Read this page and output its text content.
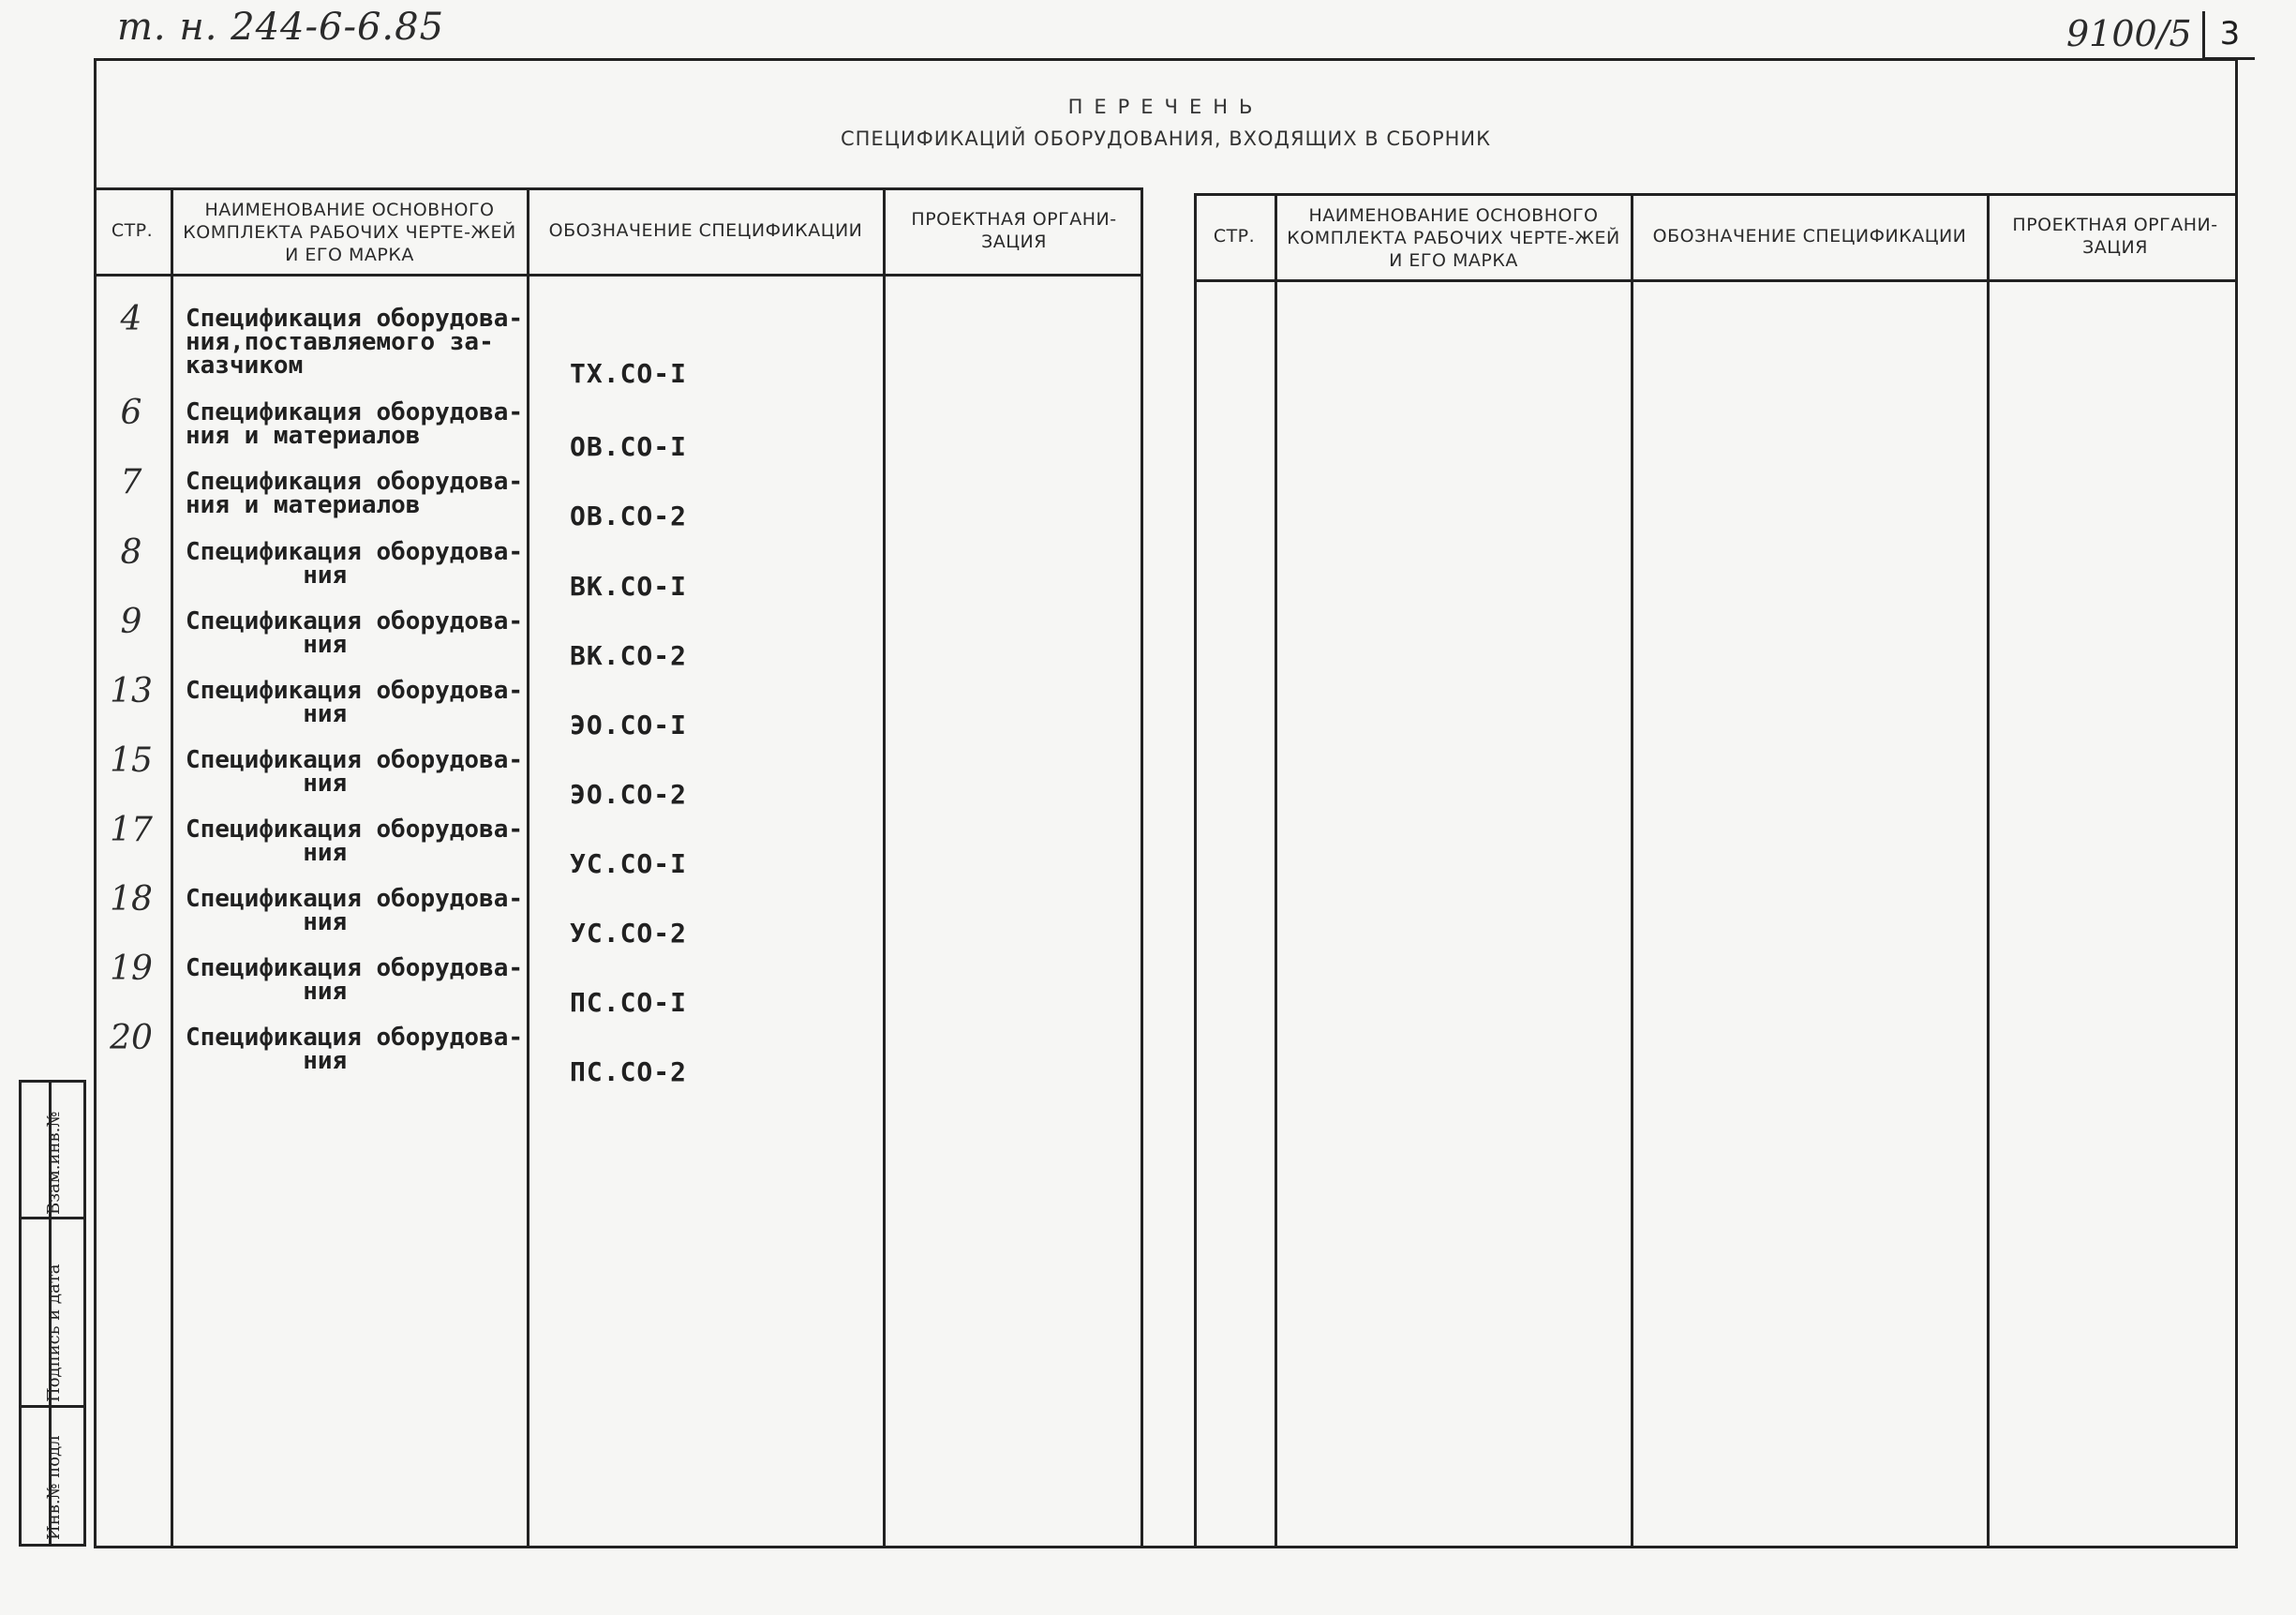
т. н. 244-6-6.85	9100/5 3
ПЕРЕЧЕНЬ
СПЕЦИФИКАЦИЙ ОБОРУДОВАНИЯ, ВХОДЯЩИХ В СБОРНИК
СТР.
НАИМЕНОВАНИЕ ОСНОВНОГО КОМПЛЕКТА РАБОЧИХ ЧЕРТЕ-ЖЕЙ И ЕГО МАРКА
ОБОЗНАЧЕНИЕ СПЕЦИФИКАЦИИ
ПРОЕКТНАЯ ОРГАНИ-ЗАЦИЯ
4	Спецификация оборудова-
ния,поставляемого за-
казчиком	ТХ.СО-I
6	Спецификация оборудова-
ния и материалов	ОВ.СО-I
7	Спецификация оборудова-
ния и материалов	ОВ.СО-2
8	Спецификация оборудова-
ния	ВК.СО-I
9	Спецификация оборудова-
ния	ВК.СО-2
13	Спецификация оборудова-
ния	ЭО.СО-I
15	Спецификация оборудова-
ния	ЭО.СО-2
17	Спецификация оборудова-
ния	УС.СО-I
18	Спецификация оборудова-
ния	УС.СО-2
19	Спецификация оборудова-
ния	ПС.СО-I
20	Спецификация оборудова-
ния	ПС.СО-2
СТР.
НАИМЕНОВАНИЕ ОСНОВНОГО КОМПЛЕКТА РАБОЧИХ ЧЕРТЕ-ЖЕЙ И ЕГО МАРКА
ОБОЗНАЧЕНИЕ СПЕЦИФИКАЦИИ
ПРОЕКТНАЯ ОРГАНИ-ЗАЦИЯ
Взам.инв.№
Подпись и дата
Инв.№ подл
